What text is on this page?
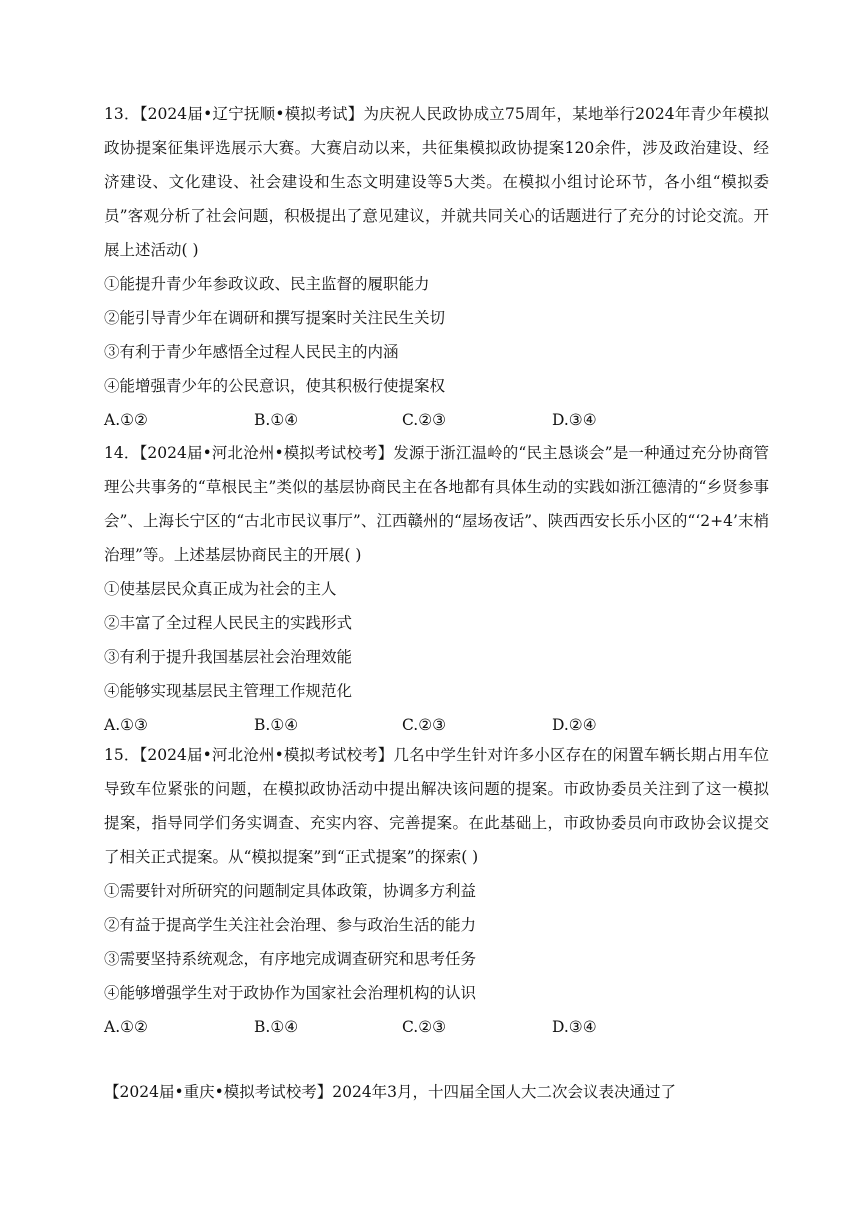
13．【2024届•辽宁抚顺•模拟考试】为庆祝人民政协成立75周年，某地举行2024年青少年模拟政协提案征集评选展示大赛。大赛启动以来，共征集模拟政协提案120余件，涉及政治建设、经济建设、文化建设、社会建设和生态文明建设等5大类。在模拟小组讨论环节，各小组“模拟委员”客观分析了社会问题，积极提出了意见建议，并就共同关心的话题进行了充分的讨论交流。开展上述活动( )
①能提升青少年参政议政、民主监督的履职能力
②能引导青少年在调研和撰写提案时关注民生关切
③有利于青少年感悟全过程人民民主的内涵
④能增强青少年的公民意识，使其积极行使提案权
A.①②	B.①④	C.②③	D.③④
14．【2024届•河北沧州•模拟考试校考】发源于浙江温岭的“民主恳谈会”是一种通过充分协商管理公共事务的“草根民主”类似的基层协商民主在各地都有具体生动的实践如浙江德清的“乡贤参事会”、上海长宁区的“古北市民议事厅”、江西赣州的“屋场夜话”、陕西西安长乐小区的“‘2+4’末梢治理”等。上述基层协商民主的开展( )
①使基层民众真正成为社会的主人
②丰富了全过程人民民主的实践形式
③有利于提升我国基层社会治理效能
④能够实现基层民主管理工作规范化
A.①③	B.①④	C.②③	D.②④
15．【2024届•河北沧州•模拟考试校考】几名中学生针对许多小区存在的闲置车辆长期占用车位导致车位紧张的问题，在模拟政协活动中提出解决该问题的提案。市政协委员关注到了这一模拟提案，指导同学们务实调查、充实内容、完善提案。在此基础上，市政协委员向市政协会议提交了相关正式提案。从“模拟提案”到“正式提案”的探索( )
①需要针对所研究的问题制定具体政策，协调多方利益
②有益于提高学生关注社会治理、参与政治生活的能力
③需要坚持系统观念，有序地完成调查研究和思考任务
④能够增强学生对于政协作为国家社会治理机构的认识
A.①②	B.①④	C.②③	D.③④
【2024届•重庆•模拟考试校考】2024年3月，十四届全国人大二次会议表决通过了
